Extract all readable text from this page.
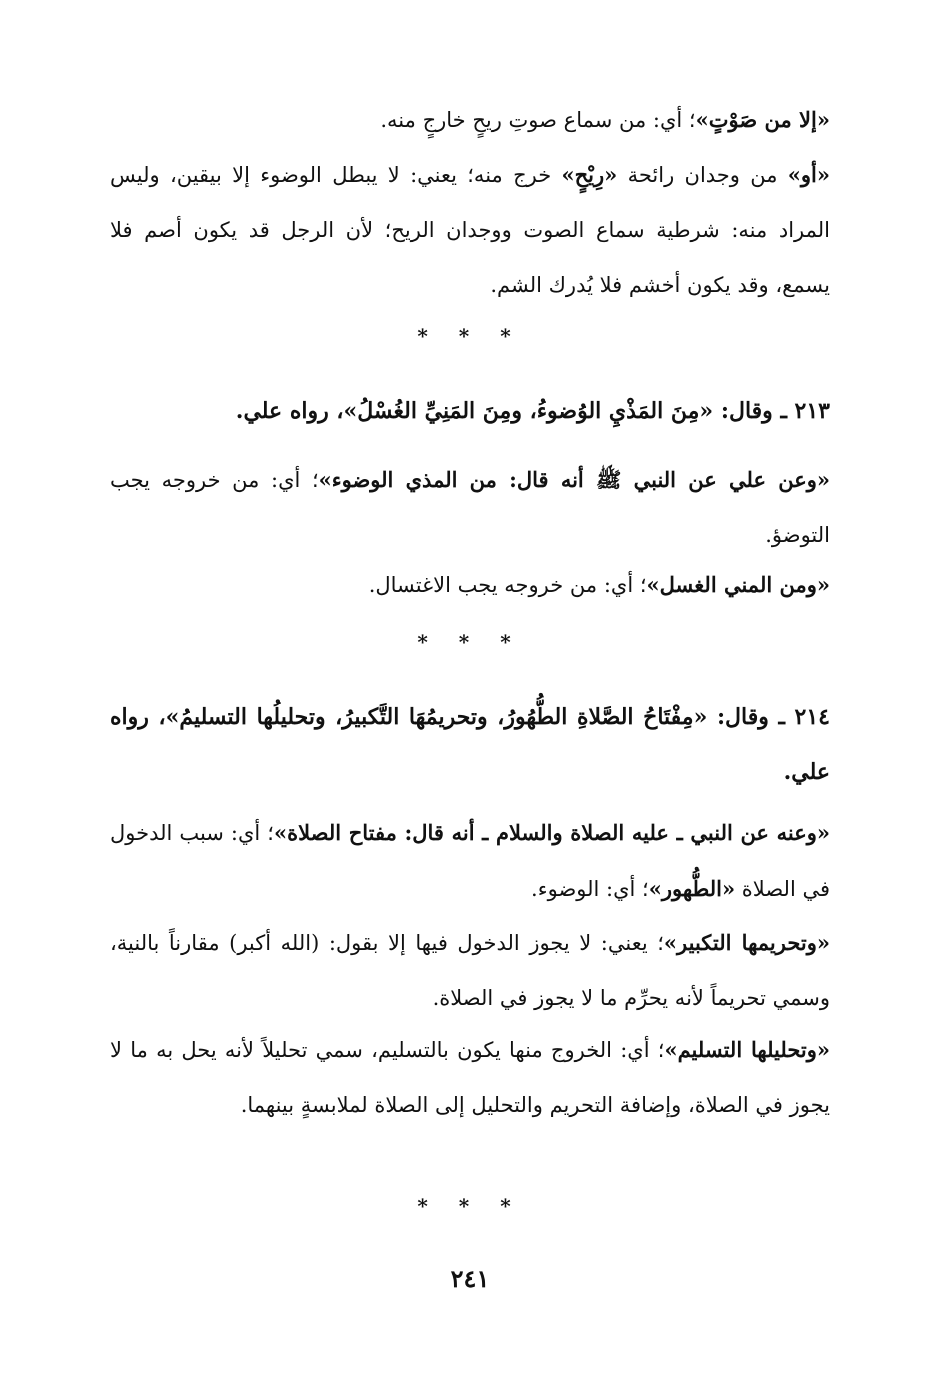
«إلا من صَوْتٍ»؛ أي: من سماع صوتِ ريحٍ خارجٍ منه.
«أو» من وجدان رائحة «رِيْحٍ» خرج منه؛ يعني: لا يبطل الوضوء إلا بيقين، وليس المراد منه: شرطية سماع الصوت ووجدان الريح؛ لأن الرجل قد يكون أصم فلا يسمع، وقد يكون أخشم فلا يُدرك الشم.
* * *
٢١٣ ـ وقال: «مِنَ المَذْيِ الوُضوءُ، ومِنَ المَنِيِّ الغُسْلُ»، رواه علي.
«وعن علي عن النبي ﷺ أنه قال: من المذي الوضوء»؛ أي: من خروجه يجب التوضؤ.
«ومن المني الغسل»؛ أي: من خروجه يجب الاغتسال.
* * *
٢١٤ ـ وقال: «مِفْتَاحُ الصَّلاةِ الطُّهُورُ، وتحريمُهَا التَّكبيرُ، وتحليلُها التسليمُ»، رواه علي.
«وعنه عن النبي ـ عليه الصلاة والسلام ـ أنه قال: مفتاح الصلاة»؛ أي: سبب الدخول في الصلاة «الطُّهور»؛ أي: الوضوء.
«وتحريمها التكبير»؛ يعني: لا يجوز الدخول فيها إلا بقول: (الله أكبر) مقارناً بالنية، وسمي تحريماً لأنه يحرِّم ما لا يجوز في الصلاة.
«وتحليلها التسليم»؛ أي: الخروج منها يكون بالتسليم، سمي تحليلاً لأنه يحل به ما لا يجوز في الصلاة، وإضافة التحريم والتحليل إلى الصلاة لملابسةٍ بينهما.
* * *
٢٤١
